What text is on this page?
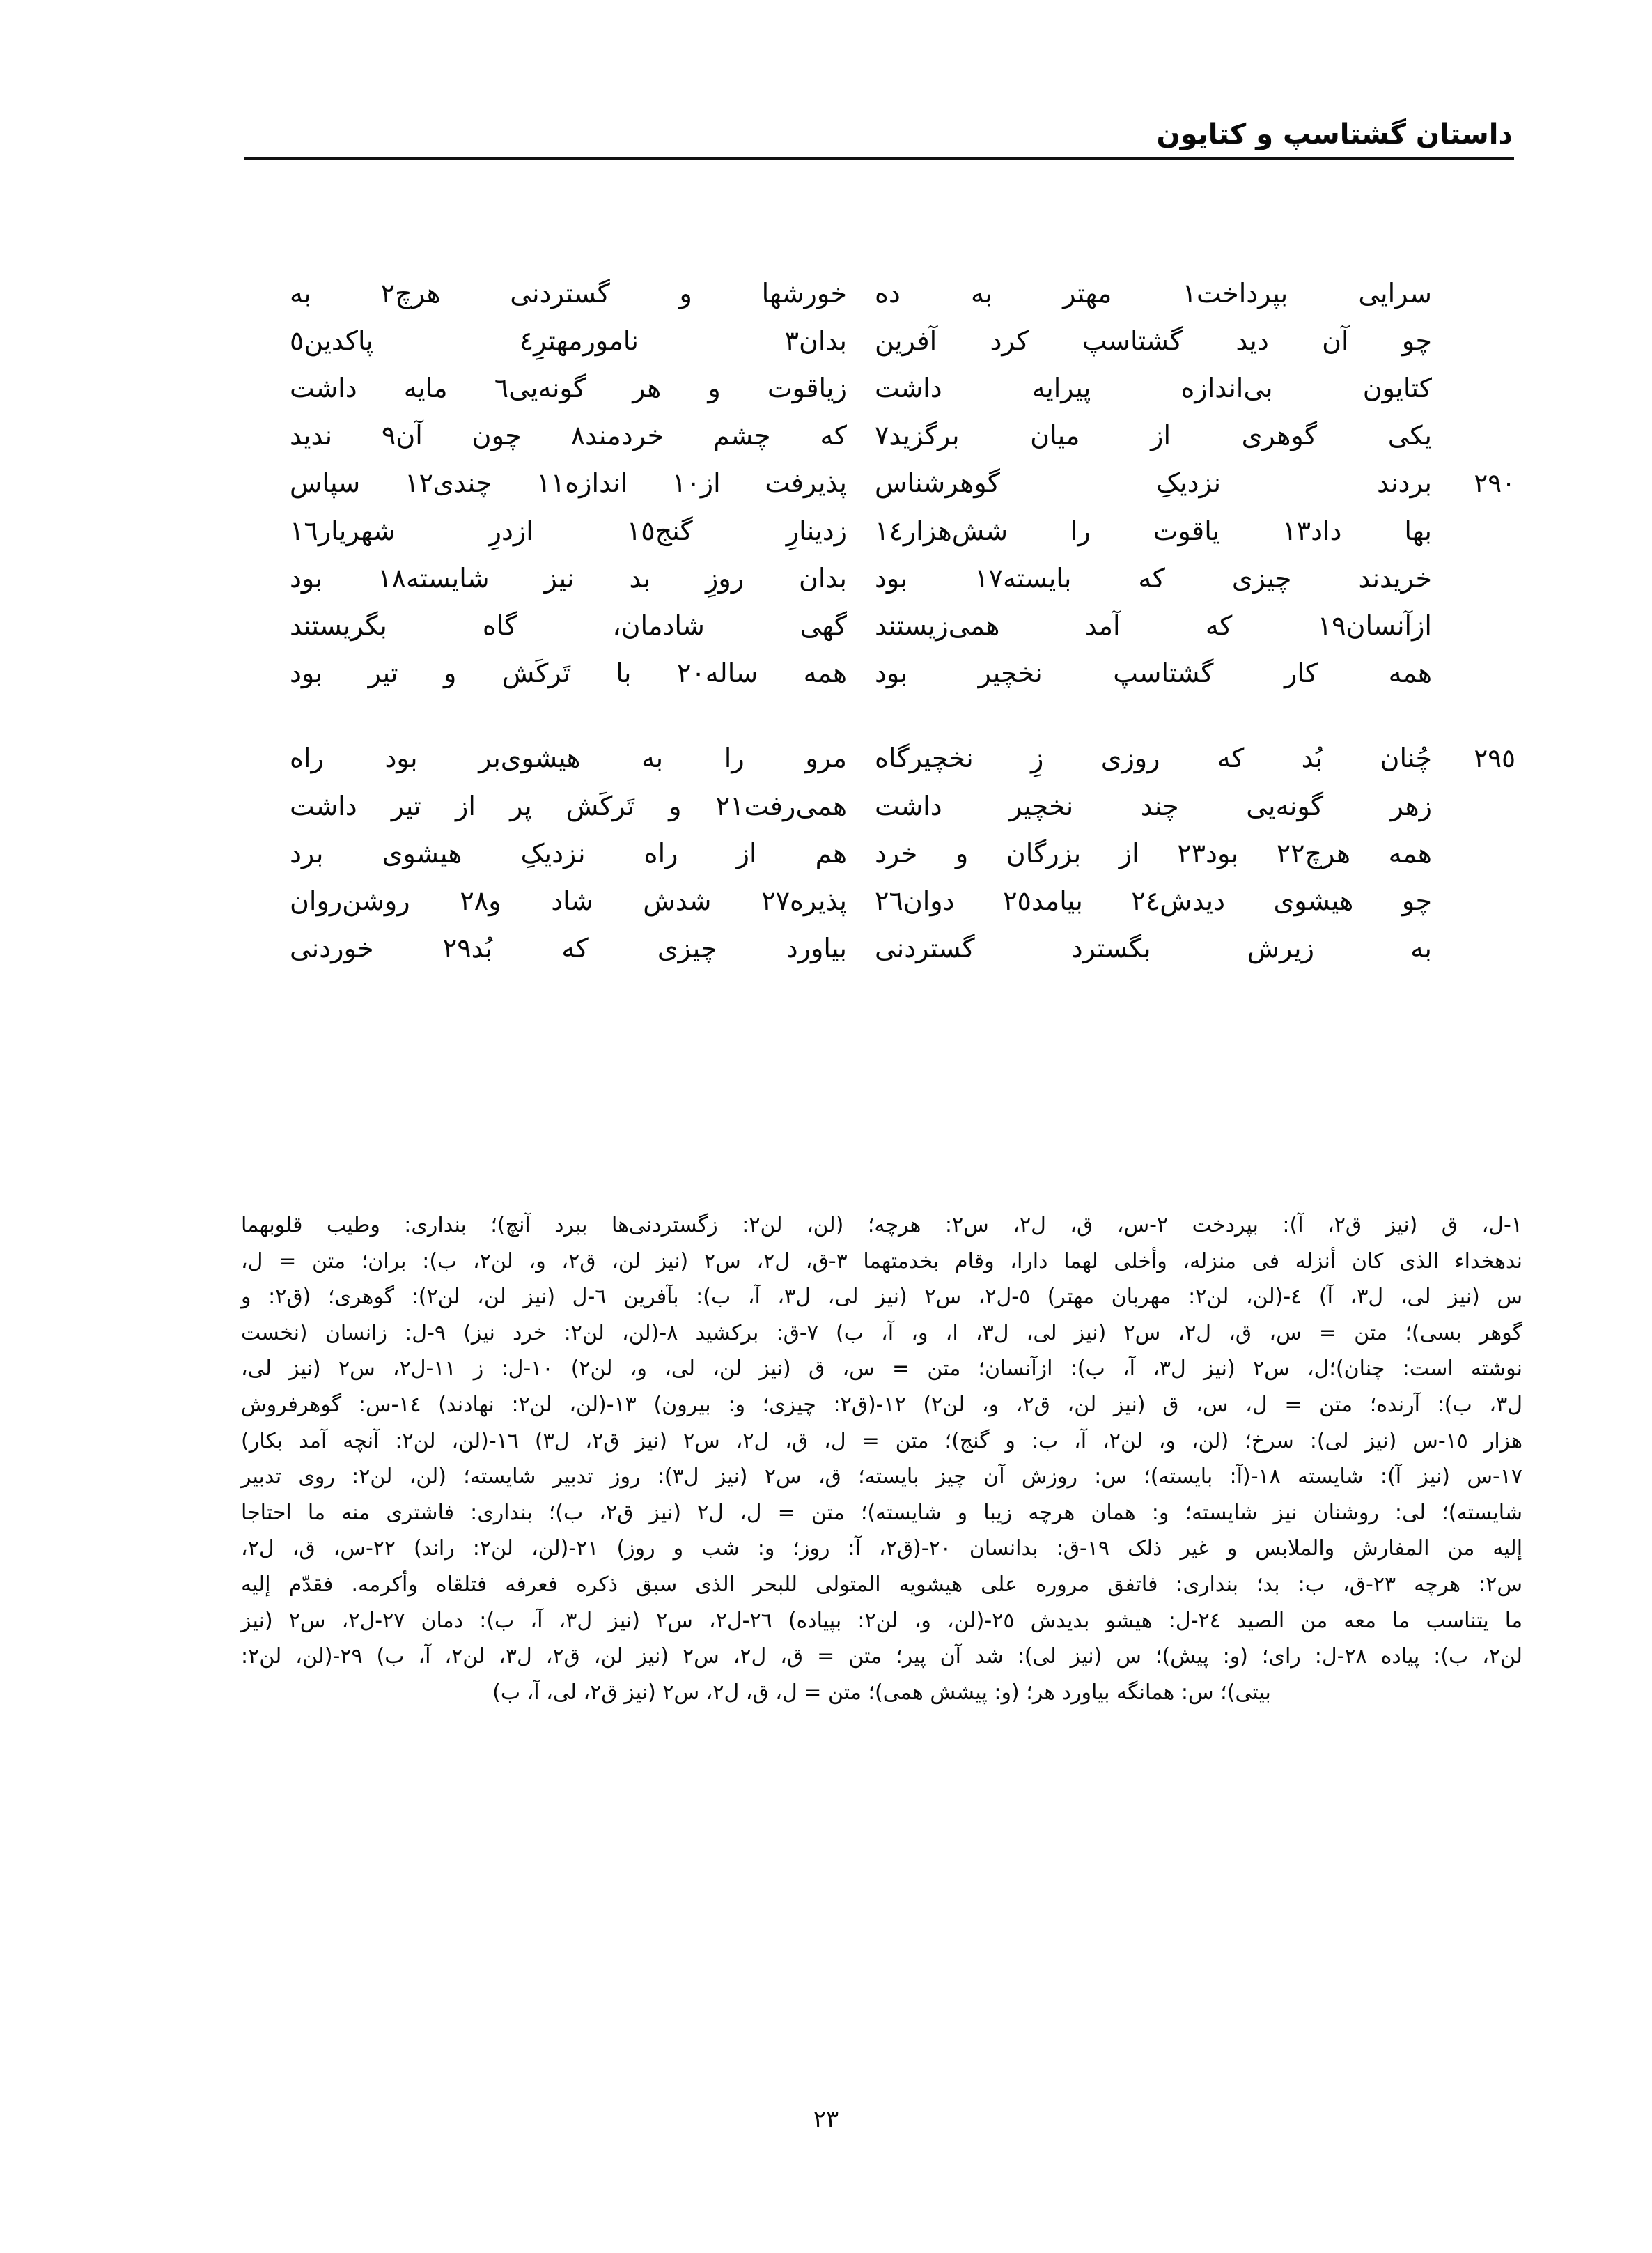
داستان گشتاسپ و کتایون
سرایی بپرداخت١ مهتر به ده
خورشها و گستردنی هرچ٢ به
چو آن دید گشتاسپ کرد آفرین
بدان٣ نامورمهترِ٤ پاکدین٥
کتایون بی‌اندازه پیرایه داشت
زیاقوت و هر گونه‌یی٦ مایه داشت
یکی گوهری از میان برگزید٧
که چشم خردمند٨ چون آن٩ ندید
٢٩٠
بردند نزدیکِ گوهرشناس
پذیرفت از١٠ اندازه١١ چندی١٢ سپاس
بها داد١٣ یاقوت را شش‌هزار١٤
زدینارِ گنج١٥ ازدرِ شهریار١٦
خریدند چیزی که بایسته١٧ بود
بدان روزِ بد نیز شایسته١٨ بود
ازآنسان١٩ که آمد همی‌زیستند
گهی شادمان، گاه بگریستند
همه کار گشتاسپ نخچیر بود
همه ساله٢٠ با تَرکَش و تیر بود
٢٩٥
چُنان بُد که روزی زِ نخچیرگاه
مرو را به هیشوی‌بر بود راه
زهر گونه‌یی چند نخچیر داشت
همی‌رفت٢١ و تَرکَش پر از تیر داشت
همه هرچ٢٢ بود٢٣ از بزرگان و خرد
هم از راه نزدیکِ هیشوی برد
چو هیشوی دیدش٢٤ بیامد٢٥ دوان٢٦
پذیره٢٧ شدش شاد و٢٨ روشن‌روان
به زیرش بگسترد گستردنی
بیاورد چیزی که بُد٢٩ خوردنی
١-ل، ق (نیز ق٢، آ): بپردخت ٢-س، ق، ل٢، س٢: هرچه؛ (لن، لن٢: زگستردنی‌ها ببرد آنچ)؛ بنداری: وطیب قلوبهما
ندهخداء الذی کان أنزله فی منزله، وأخلی لهما دارا، وقام بخدمتهما ٣-ق، ل٢، س٢ (نیز لن، ق٢، و، لن٢، ب): بران؛ متن = ل،
س (نیز لی، ل٣، آ) ٤-(لن، لن٢: مهربان مهتر) ٥-ل٢، س٢ (نیز لی، ل٣، آ، ب): بآفرین ٦-ل (نیز لن، لن٢): گوهری؛ (ق٢: و
گوهر بسی)؛ متن = س، ق، ل٢، س٢ (نیز لی، ل٣، ا، و، آ، ب) ٧-ق: برکشید ٨-(لن، لن٢: خرد نیز) ٩-ل: زانسان (نخست
نوشته است: چنان)؛ل، س٢ (نیز ل٣، آ، ب): ازآنسان؛ متن = س، ق (نیز لن، لی، و، لن٢) ١٠-ل: ز ١١-ل٢، س٢ (نیز لی،
ل٣، ب): آرنده؛ متن = ل، س، ق (نیز لن، ق٢، و، لن٢) ١٢-(ق٢: چیزی؛ و: بیرون) ١٣-(لن، لن٢: نهادند) ١٤-س: گوهرفروش
هزار ١٥-س (نیز لی): سرخ؛ (لن، و، لن٢، آ، ب: و گنج)؛ متن = ل، ق، ل٢، س٢ (نیز ق٢، ل٣) ١٦-(لن، لن٢: آنچه آمد بکار)
١٧-س (نیز آ): شایسته ١٨-(آ: بایسته)؛ س: روزش آن چیز بایسته؛ ق، س٢ (نیز ل٣): روز تدبیر شایسته؛ (لن، لن٢: روی تدبیر
شایسته)؛ لی: روشنان نیز شایسته؛ و: همان هرچه زیبا و شایسته)؛ متن = ل، ل٢ (نیز ق٢، ب)؛ بنداری: فاشتری منه ما احتاجا
إلیه من المفارش والملابس و غیر ذلک ١٩-ق: بدانسان ٢٠-(ق٢، آ: روز؛ و: شب و روز) ٢١-(لن، لن٢: راند) ٢٢-س، ق، ل٢،
س٢: هرچه ٢٣-ق، ب: بد؛ بنداری: فاتفق مروره علی هیشویه المتولی للبحر الذی سبق ذکره فعرفه فتلقاه وأکرمه. فقدّم إلیه
ما یتناسب ما معه من الصید ٢٤-ل: هیشو بدیدش ٢٥-(لن، و، لن٢: بپیاده) ٢٦-ل٢، س٢ (نیز ل٣، آ، ب): دمان ٢٧-ل٢، س٢ (نیز
لن٢، ب): پیاده ٢٨-ل: رای؛ (و: پیش)؛ س (نیز لی): شد آن پیر؛ متن = ق، ل٢، س٢ (نیز لن، ق٢، ل٣، لن٢، آ، ب) ٢٩-(لن، لن٢:
بیتی)؛ س: همانگه بیاورد هر؛ (و: پیشش همی)؛ متن = ل، ق، ل٢، س٢ (نیز ق٢، لی، آ، ب)
۲۳
